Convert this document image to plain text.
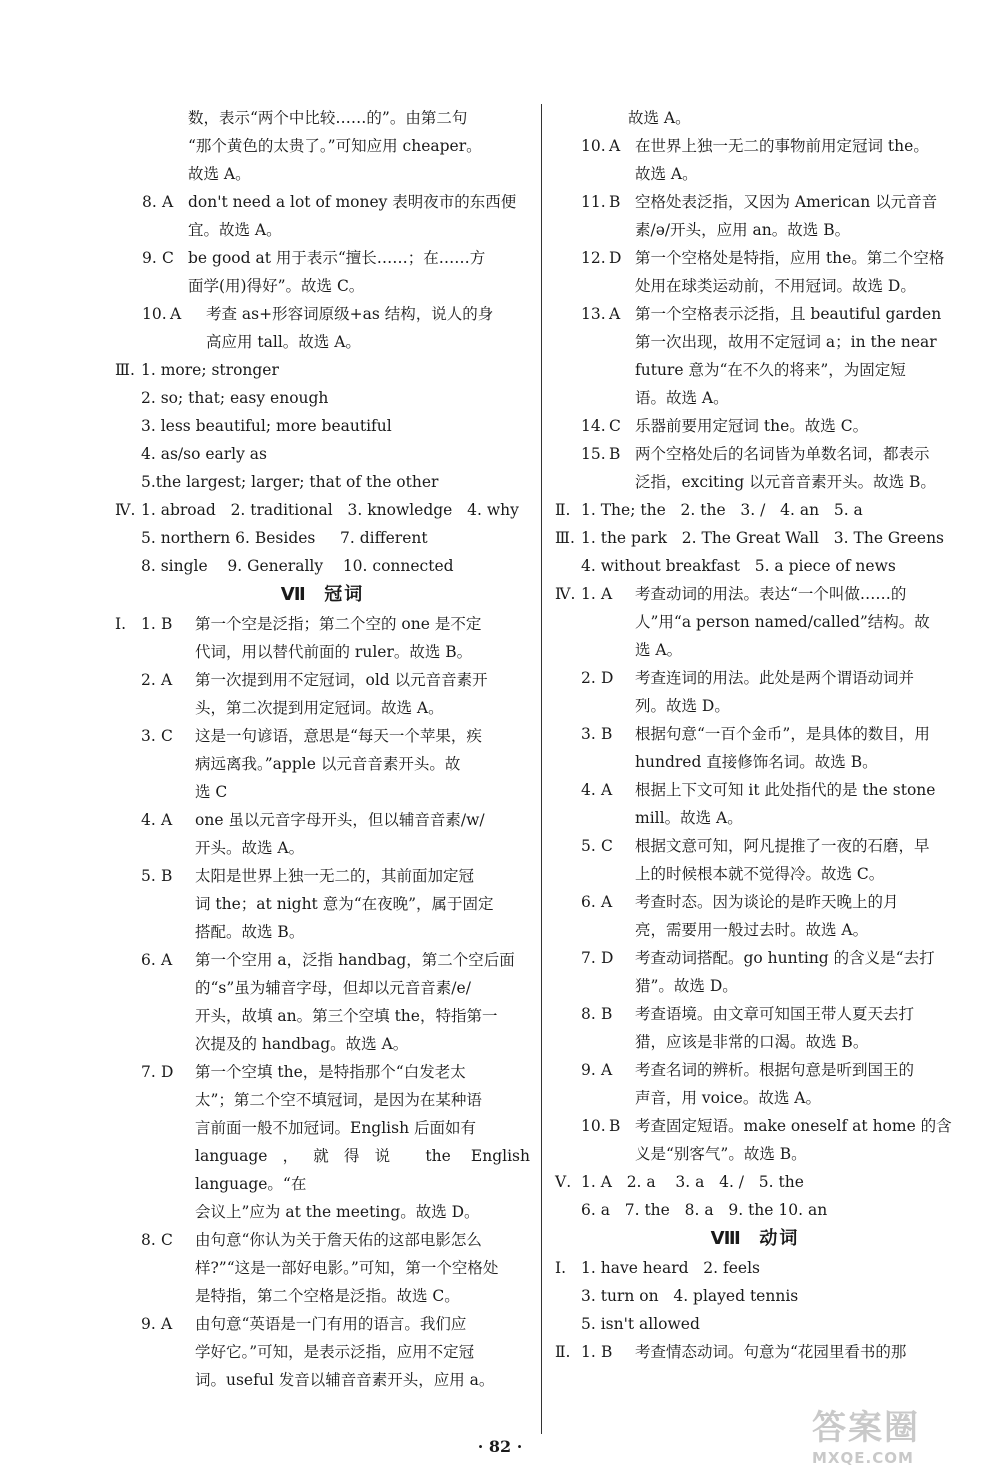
数，表示“两个中比较……的”。由第二句
“那个黄色的太贵了。”可知应用 cheaper。
故选 A。
8. A don't need a lot of money 表明夜市的东西便
宜。故选 A。
9. C be good at 用于表示“擅长……；在……方
面学(用)得好”。故选 C。
10. A	考查 as+形容词原级+as 结构，说人的身
高应用 tall。故选 A。
Ⅲ. 1. more; stronger
2. so; that; easy enough
3. less beautiful; more beautiful
4. as/so early as
5.the largest; larger; that of the other
Ⅳ. 1. abroad   2. traditional   3. knowledge   4. why
5. northern 6. Besides     7. different
8. single    9. Generally    10. connected
Ⅶ 冠词
Ⅰ. 1. B	第一个空是泛指；第二个空的 one 是不定
代词，用以替代前面的 ruler。故选 B。
2. A	第一次提到用不定冠词，old 以元音音素开
头，第二次提到用定冠词。故选 A。
3. C	这是一句谚语，意思是“每天一个苹果，疾
病远离我。”apple 以元音音素开头。故
选 C
4. A	one 虽以元音字母开头，但以辅音音素/w/
开头。故选 A。
5. B	太阳是世界上独一无二的，其前面加定冠
词 the；at night 意为“在夜晚”，属于固定
搭配。故选 B。
6. A	第一个空用 a，泛指 handbag，第二个空后面
的“s”虽为辅音字母，但却以元音音素/e/
开头，故填 an。第三个空填 the，特指第一
次提及的 handbag。故选 A。
7. D	第一个空填 the，是特指那个“白发老太
太”；第二个空不填冠词，是因为在某种语
言前面一般不加冠词。English 后面如有
language，就得说 the English language。“在
会议上”应为 at the meeting。故选 D。
8. C	由句意“你认为关于詹天佑的这部电影怎么
样?”“这是一部好电影。”可知，第一个空格处
是特指，第二个空格是泛指。故选 C。
9. A	由句意“英语是一门有用的语言。我们应
学好它。”可知，是表示泛指，应用不定冠
词。useful 发音以辅音音素开头，应用 a。
故选 A。
10. A 在世界上独一无二的事物前用定冠词 the。
故选 A。
11. B 空格处表泛指，又因为 American 以元音音
素/ə/开头，应用 an。故选 B。
12. D 第一个空格处是特指，应用 the。第二个空格
处用在球类运动前，不用冠词。故选 D。
13. A 第一个空格表示泛指，且 beautiful garden
第一次出现，故用不定冠词 a；in the near
future 意为“在不久的将来”，为固定短
语。故选 A。
14. C 乐器前要用定冠词 the。故选 C。
15. B 两个空格处后的名词皆为单数名词，都表示
泛指，exciting 以元音音素开头。故选 B。
Ⅱ. 1. The; the   2. the   3. /   4. an   5. a
Ⅲ. 1. the park   2. The Great Wall   3. The Greens
4. without breakfast   5. a piece of news
Ⅳ. 1. A	考查动词的用法。表达“一个叫做……的
人”用“a person named/called”结构。故
选 A。
2. D	考查连词的用法。此处是两个谓语动词并
列。故选 D。
3. B	根据句意“一百个金币”，是具体的数目，用
hundred 直接修饰名词。故选 B。
4. A	根据上下文可知 it 此处指代的是 the stone
mill。故选 A。
5. C	根据文意可知，阿凡提推了一夜的石磨，早
上的时候根本就不觉得冷。故选 C。
6. A	考查时态。因为谈论的是昨天晚上的月
亮，需要用一般过去时。故选 A。
7. D	考查动词搭配。go hunting 的含义是“去打
猎”。故选 D。
8. B	考查语境。由文章可知国王带人夏天去打
猎，应该是非常的口渴。故选 B。
9. A	考查名词的辨析。根据句意是听到国王的
声音，用 voice。故选 A。
10. B 考查固定短语。make oneself at home 的含
义是“别客气”。故选 B。
Ⅴ. 1. A   2. a    3. a   4. /   5. the
6. a   7. the   8. a   9. the 10. an
Ⅷ 动词
Ⅰ. 1. have heard   2. feels
3. turn on   4. played tennis
5. isn't allowed
Ⅱ. 1. B	考查情态动词。句意为“花园里看书的那
· 82 ·	答案圈
MXQE.COM
